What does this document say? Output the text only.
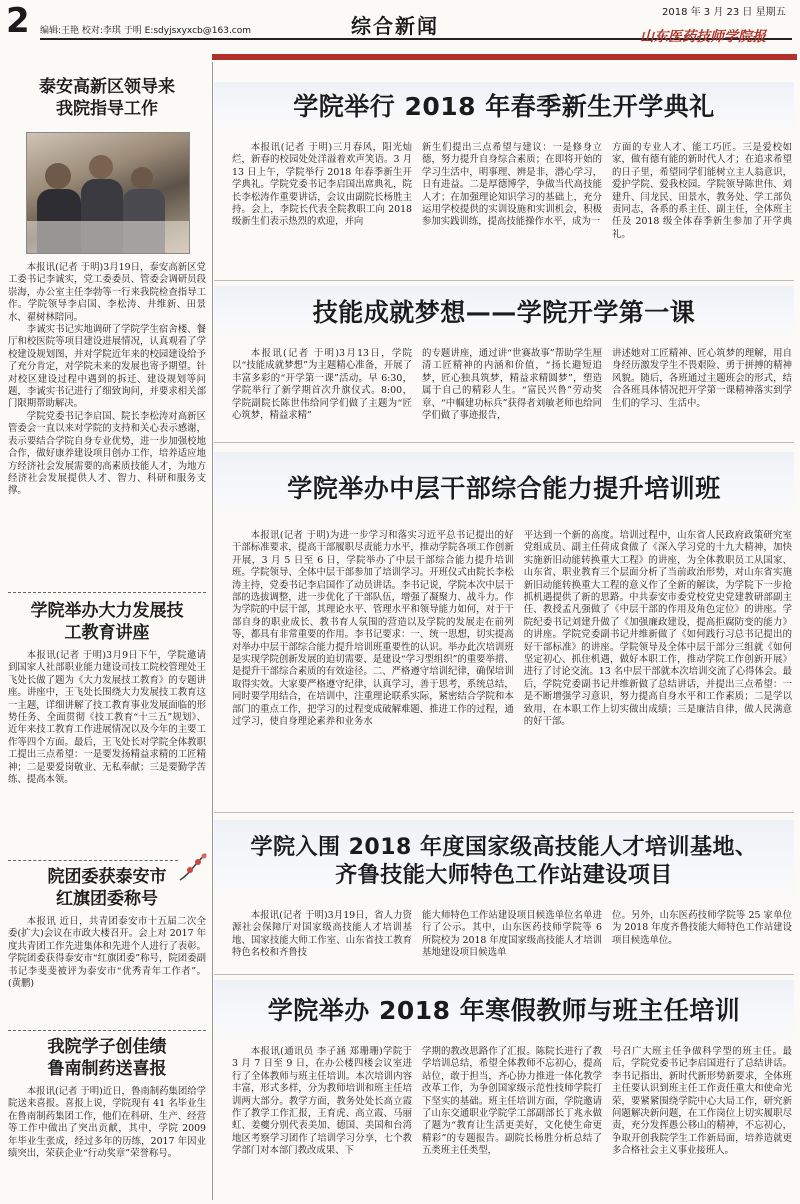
2	编辑:王艳 校对:李琪 于明 E:sdyjsxyxcb@163.com	综合新闻
2018 年 3 月 23 日 星期五
山东医药技师学院报

泰安高新区领导来

我院指导工作

本报讯(记者 于明)3月19日，泰安高新区党工委书记李诚实，党工委委员、管委会调研员段崇海，办公室主任李勃等一行来我院检查指导工作。学院领导李启国、李松涛、井维新、田景水、翟树林陪同。

李诚实书记实地调研了学院学生宿舍楼、餐厅和校医院等项目建设进展情况，认真观看了学校建设规划图，并对学院近年来的校园建设给予了充分肯定，对学院未来的发展也寄予期望。针对校区建设过程中遇到的拆迁、建设规划等问题，李诚实书记进行了细致询问，并要求相关部门限期帮助解决。

学院党委书记李启国、院长李松涛对高新区管委会一直以来对学院的支持和关心表示感谢，表示要结合学院自身专业优势，进一步加强校地合作，做好康养建设项目创办工作，培养适应地方经济社会发展需要的高素质技能人才，为地方经济社会发展提供人才、智力、科研和服务支撑。

学院举办大力发展技

工教育讲座

本报讯(记者 于明)3月9日下午，学院邀请到国家人社部职业能力建设司技工院校管理处王飞处长做了题为《大力发展技工教育》的专题讲座。讲座中，王飞处长围绕大力发展技工教育这一主题，详细讲解了技工教育事业发展面临的形势任务、全面贯彻《技工教育“十三五”规划》、近年来技工教育工作进展情况以及今年的主要工作等四个方面。最后，王飞处长对学院全体教职工提出三点希望：一是要发扬精益求精的工匠精神；二是要爱岗敬业、无私奉献；三是要勤学苦练、提高本领。

院团委获泰安市

红旗团委称号

本报讯 近日，共青团泰安市十五届二次全委(扩大)会议在市政大楼召开。会上对 2017 年度共青团工作先进集体和先进个人进行了表彰。学院团委获得泰安市“红旗团委”称号，院团委副书记李斐斐被评为泰安市“优秀青年工作者”。(黄鹏)

我院学子创佳绩

鲁南制药送喜报

本报讯(记者 于明)近日，鲁南制药集团给学院送来喜报。喜报上说，学院现有 41 名毕业生在鲁南制药集团工作，他们在科研、生产、经营等工作中做出了突出贡献，其中，学院 2009 年毕业生张成，经过多年的历练，2017 年因业绩突出，荣获企业“行动奖章”荣誉称号。

学院举行 2018 年春季新生开学典礼

本报讯(记者 于明)三月春风，阳光灿烂，新春的校园处处洋溢着欢声笑语。3 月 13 日上午，学院举行 2018 年春季新生开学典礼。学院党委书记李启国出席典礼，院长李松涛作重要讲话，会议由副院长杨胜主持。会上，李院长代表全院教职工向 2018 级新生们表示热烈的欢迎，并向

新生们提出三点希望与建议：一是修身立德，努力提升自身综合素质；在即将开始的学习生活中，明事理、辨是非，潜心学习，日有进益。二是厚德博学，争做当代高技能人才；在加强理论知识学习的基础上，充分运用学校提供的实训设施和实训机会，积极参加实践训练，提高技能操作水平，成为一

方面的专业人才、能工巧匠。三是爱校如家，做有德有能的新时代人才；在追求希望的日子里，希望同学们能树立主人翁意识，爱护学院、爱我校园。学院领导陈世伟、刘建升、闫龙民、田景水，教务处、学工部负责同志，各系的系主任、副主任，全体班主任及 2018 级全体春季新生参加了开学典礼。

技能成就梦想——学院开学第一课

本报讯(记者 于明)3月13日，学院以“技能成就梦想”为主题精心准备，开展了丰富多彩的“开学第一课”活动。早 6:30，学院举行了新学期首次升旗仪式。8:00，学院副院长陈世伟给同学们做了主题为“匠心筑梦，精益求精”

的专题讲座，通过讲“世赛故事”帮助学生厘清工匠精神的内涵和价值，“扬长避短追梦，匠心独具筑梦，精益求精圆梦”，塑造属于自己的精彩人生。“富民兴鲁”劳动奖章、“中帼建功标兵”获得者刘敏老师也给同学们做了事迹报告，

讲述她对工匠精神、匠心筑梦的理解，用自身经历激发学生不畏艰险、勇于拼搏的精神风貌。随后，各班通过主题班会的形式，结合各班具体情况把开学第一课精神落实到学生们的学习、生活中。

学院举办中层干部综合能力提升培训班

本报讯(记者 于明)为进一步学习和落实习近平总书记提出的好干部标准要求，提高干部履职尽责能力水平，推动学院各项工作创新开展，3 月 5 日至 6 日，学院举办了中层干部综合能力提升培训班。学院领导、全体中层干部参加了培训学习。开班仪式由院长李松涛主持，党委书记李启国作了动员讲话。李书记说，学院本次中层干部的选拔调整，进一步优化了干部队伍，增强了凝聚力、战斗力。作为学院的中层干部，其理论水平、管理水平和领导能力如何，对于干部自身的职业成长、教书育人氛围的营造以及学院的发展走在前列等，都具有非常重要的作用。李书记要求：一、统一思想，切实提高对举办中层干部综合能力提升培训班重要性的认识。举办此次培训班是实现学院创新发展的迫切需要、是建设“学习型组织”的重要举措、是提升干部综合素质的有效途径。二、严格遵守培训纪律，确保培训取得实效。大家要严格遵守纪律，认真学习，善于思考，系统总结，同时要学用结合，在培训中，注重理论联系实际，紧密结合学院和本部门的重点工作，把学习的过程变成破解难题、推进工作的过程，通过学习，使自身理论素养和业务水

平达到一个新的高度。培训过程中，山东省人民政府政策研究室党组成员、副主任荷成食做了《深入学习党的十九大精神，加快实施新旧动能转换重大工程》的讲座，为全体教职员工从国家、山东省、职业教育三个层面分析了当前政治形势，对山东省实施新旧动能转换重大工程的意义作了全新的解读，为学院下一步抢抓机遇提供了新的思路。中共泰安市委党校党史党建教研部副主任、教授孟凡强做了《中层干部的作用及角色定位》的讲座。学院纪委书记刘建升做了《加强廉政建设，提高拒腐防变的能力》的讲座。学院党委副书记井维新做了《如何践行习总书记提出的好干部标准》的讲座。学院领导及全体中层干部分三组就《如何坚定初心、抓住机遇，做好本职工作，推动学院工作创新开展》进行了讨论交流。13 名中层干部就本次培训交流了心得体会。最后，学院党委副书记井维新做了总结讲话，并提出三点希望：一是不断增强学习意识，努力提高自身水平和工作素质；二是学以致用，在本职工作上切实做出成绩；三是廉洁自律，做人民满意的好干部。

学院入围 2018 年度国家级高技能人才培训基地、

齐鲁技能大师特色工作站建设项目

本报讯(记者 于明)3月19日，省人力资源社会保障厅对国家级高技能人才培训基地、国家技能大师工作室、山东省技工教育特色名校和齐鲁技

能大师特色工作站建设项目候选单位名单进行了公示。其中，山东医药技师学院等 6 所院校为 2018 年度国家级高技能人才培训基地建设项目候选单

位。另外，山东医药技师学院等 25 家单位为 2018 年度齐鲁技能大师特色工作站建设项目候选单位。

学院举办 2018 年寒假教师与班主任培训

本报讯(通讯员 李子涵 郑珊珊)学院于 3 月 7 日至 9 日，在办公楼四楼会议室进行了全体教师与班主任培训。本次培训内容丰富，形式多样，分为教师培训和班主任培训两大部分。教学方面，教务处处长高立霞作了教学工作汇报，王育虎、高立霞、马丽虹、姜夔分别代表美加、德国、美国和台湾地区考察学习团作了培训学习分享，七个教学部门对本部门教改成果、下

学期的教改思路作了汇报。陈院长进行了教学培训总结，希望全体教师不忘初心，提高站位，敢于担当，齐心协力推进一体化教学改革工作，为争创国家级示范性技师学院打下坚实的基础。班主任培训方面，学院邀请了山东交通职业学院学工部副部长丁兆永做了题为“教育让生活更美好，文化使生命更精彩”的专题报告。副院长杨胜分析总结了五类班主任类型，

号召广大班主任争做科学型的班主任。最后，学院党委书记李启国进行了总结讲话。李书记指出，新时代新形势新要求，全体班主任要认识到班主任工作责任重大和使命光荣，要紧紧围绕学院中心大局工作，研究新问题解决新问题，在工作岗位上切实履职尽责，充分发挥愚公移山的精神，不忘初心，争取开创我院学生工作新局面，培养造就更多合格社会主义事业接班人。
